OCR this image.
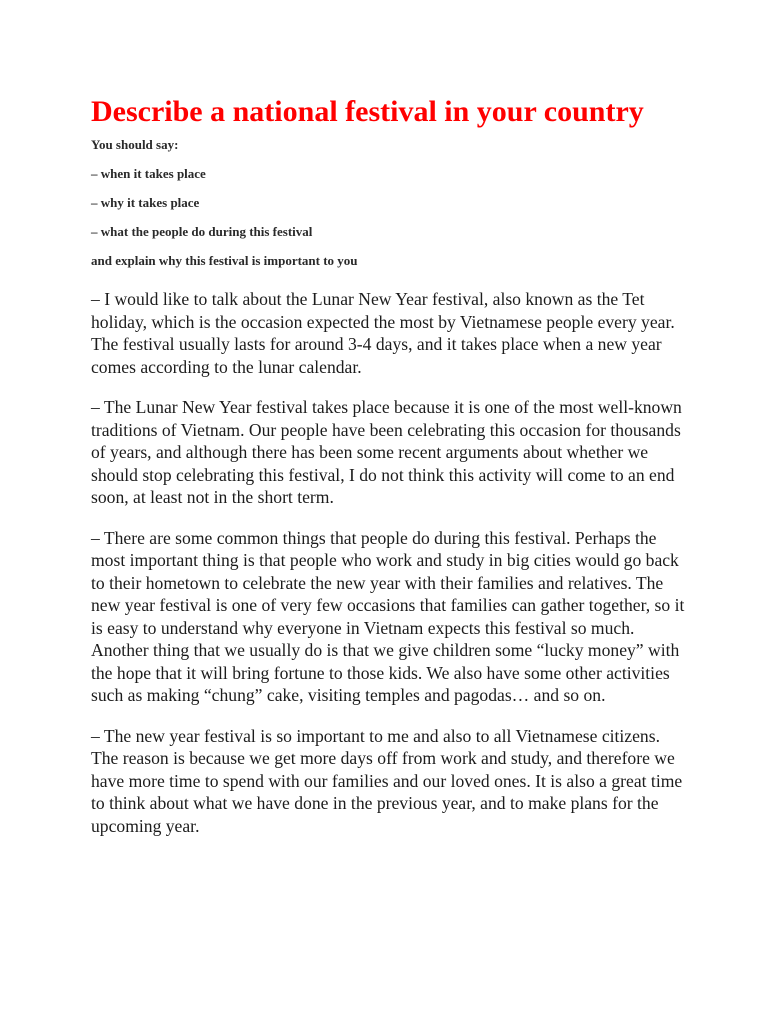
Describe a national festival in your country
You should say:
– when it takes place
– why it takes place
– what the people do during this festival
and explain why this festival is important to you

– I would like to talk about the Lunar New Year festival, also known as the Tet holiday, which is the occasion expected the most by Vietnamese people every year. The festival usually lasts for around 3-4 days, and it takes place when a new year comes according to the lunar calendar.

– The Lunar New Year festival takes place because it is one of the most well-known traditions of Vietnam. Our people have been celebrating this occasion for thousands of years, and although there has been some recent arguments about whether we should stop celebrating this festival, I do not think this activity will come to an end soon, at least not in the short term.

– There are some common things that people do during this festival. Perhaps the most important thing is that people who work and study in big cities would go back to their hometown to celebrate the new year with their families and relatives. The new year festival is one of very few occasions that families can gather together, so it is easy to understand why everyone in Vietnam expects this festival so much. Another thing that we usually do is that we give children some “lucky money” with the hope that it will bring fortune to those kids. We also have some other activities such as making “chung” cake, visiting temples and pagodas… and so on.

– The new year festival is so important to me and also to all Vietnamese citizens. The reason is because we get more days off from work and study, and therefore we have more time to spend with our families and our loved ones. It is also a great time to think about what we have done in the previous year, and to make plans for the upcoming year.
